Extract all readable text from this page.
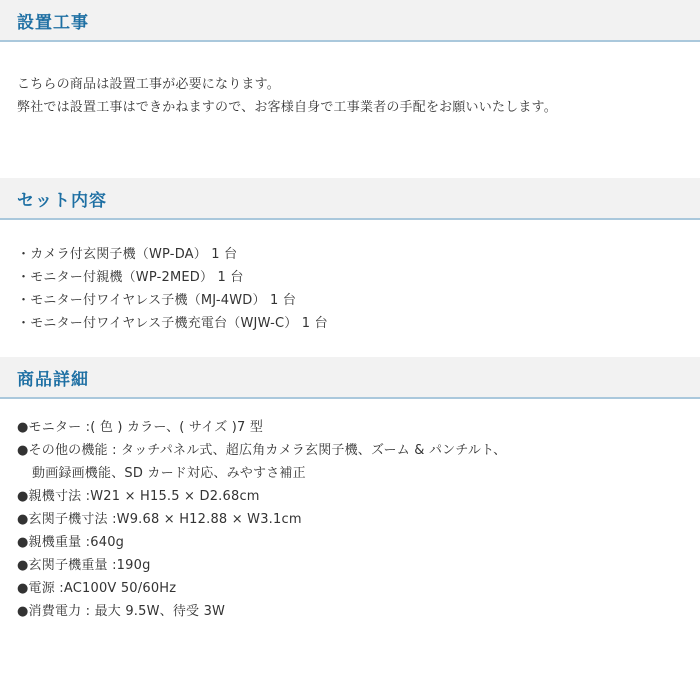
設置工事
こちらの商品は設置工事が必要になります。
弊社では設置工事はできかねますので、お客様自身で工事業者の手配をお願いいたします。
セット内容
・カメラ付玄関子機（WP-DA） 1 台
・モニター付親機（WP-2MED） 1 台
・モニター付ワイヤレス子機（MJ-4WD） 1 台
・モニター付ワイヤレス子機充電台（WJW-C） 1 台
商品詳細
●モニター :( 色 ) カラー、( サイズ )7 型
●その他の機能 : タッチパネル式、超広角カメラ玄関子機、ズーム & パンチルト、
動画録画機能、SD カード対応、みやすさ補正
●親機寸法 :W21 × H15.5 × D2.68cm
●玄関子機寸法 :W9.68 × H12.88 × W3.1cm
●親機重量 :640g
●玄関子機重量 :190g
●電源 :AC100V 50/60Hz
●消費電力 : 最大 9.5W、待受 3W
